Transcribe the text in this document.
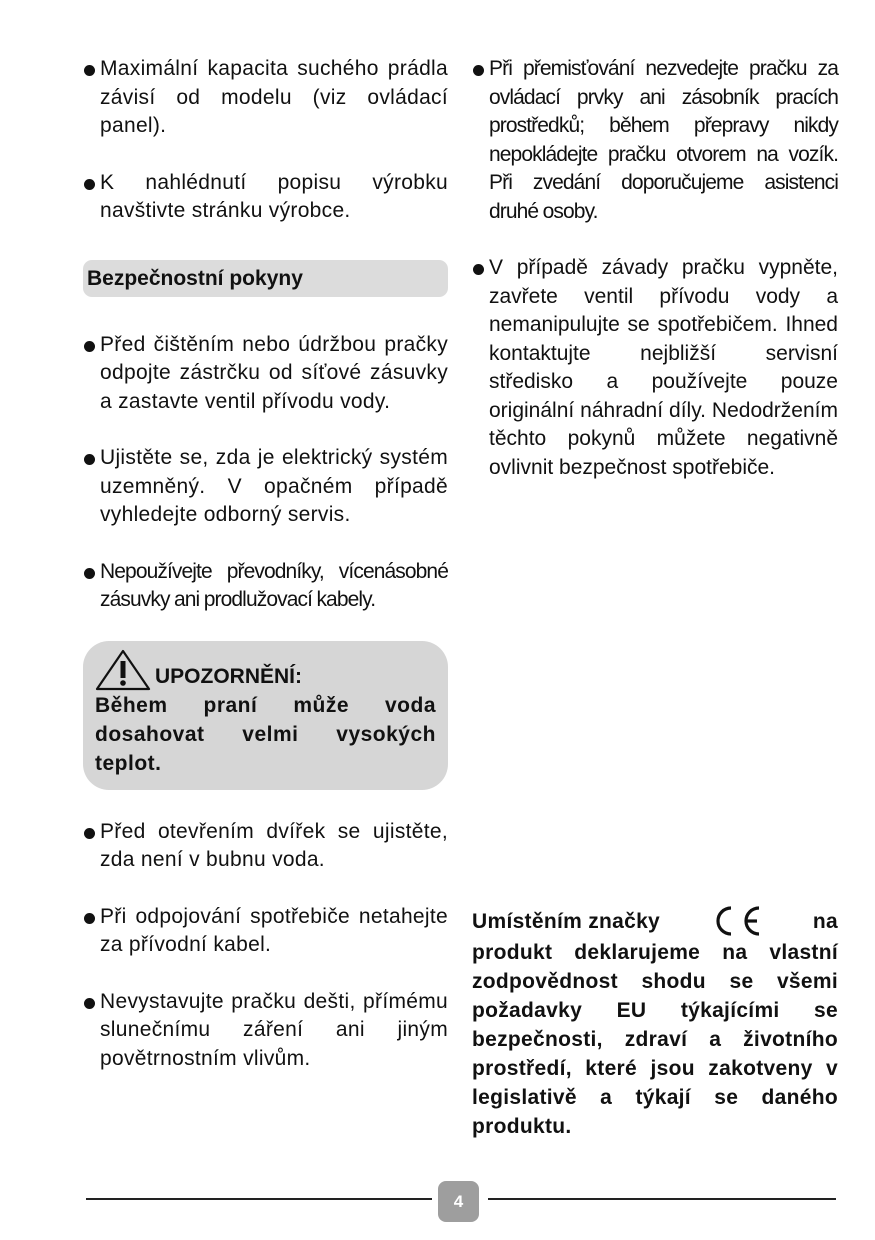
Maximální kapacita suchého prádla závisí od modelu (viz ovládací panel).
K nahlédnutí popisu výrobku navštivte stránku výrobce.
Bezpečnostní pokyny
Před čištěním nebo údržbou pračky odpojte zástrčku od síťové zásuvky a zastavte ventil přívodu vody.
Ujistěte se, zda je elektrický systém uzemněný. V opačném případě vyhledejte odborný servis.
Nepoužívejte převodníky, vícenásobné zásuvky ani prodlužovací kabely.
UPOZORNĚNÍ:
Během praní může voda dosahovat velmi vysokých teplot.
Před otevřením dvířek se ujistěte, zda není v bubnu voda.
Při odpojování spotřebiče netahejte za přívodní kabel.
Nevystavujte pračku dešti, přímému slunečnímu záření ani jiným povětrnostním vlivům.
Při přemisťování nezvedejte pračku za ovládací prvky ani zásobník pracích prostředků; během přepravy nikdy nepokládejte pračku otvorem na vozík. Při zvedání doporučujeme asistenci druhé osoby.
V případě závady pračku vypněte, zavřete ventil přívodu vody a nemanipulujte se spotřebičem. Ihned kontaktujte nejbližší servisní středisko a používejte pouze originální náhradní díly. Nedodržením těchto pokynů můžete negativně ovlivnit bezpečnost spotřebiče.
Umístěním značky	na
produkt deklarujeme na vlastní zodpovědnost shodu se všemi požadavky EU týkajícími se bezpečnosti, zdraví a životního prostředí, které jsou zakotveny v legislativě a týkají se daného produktu.
4
